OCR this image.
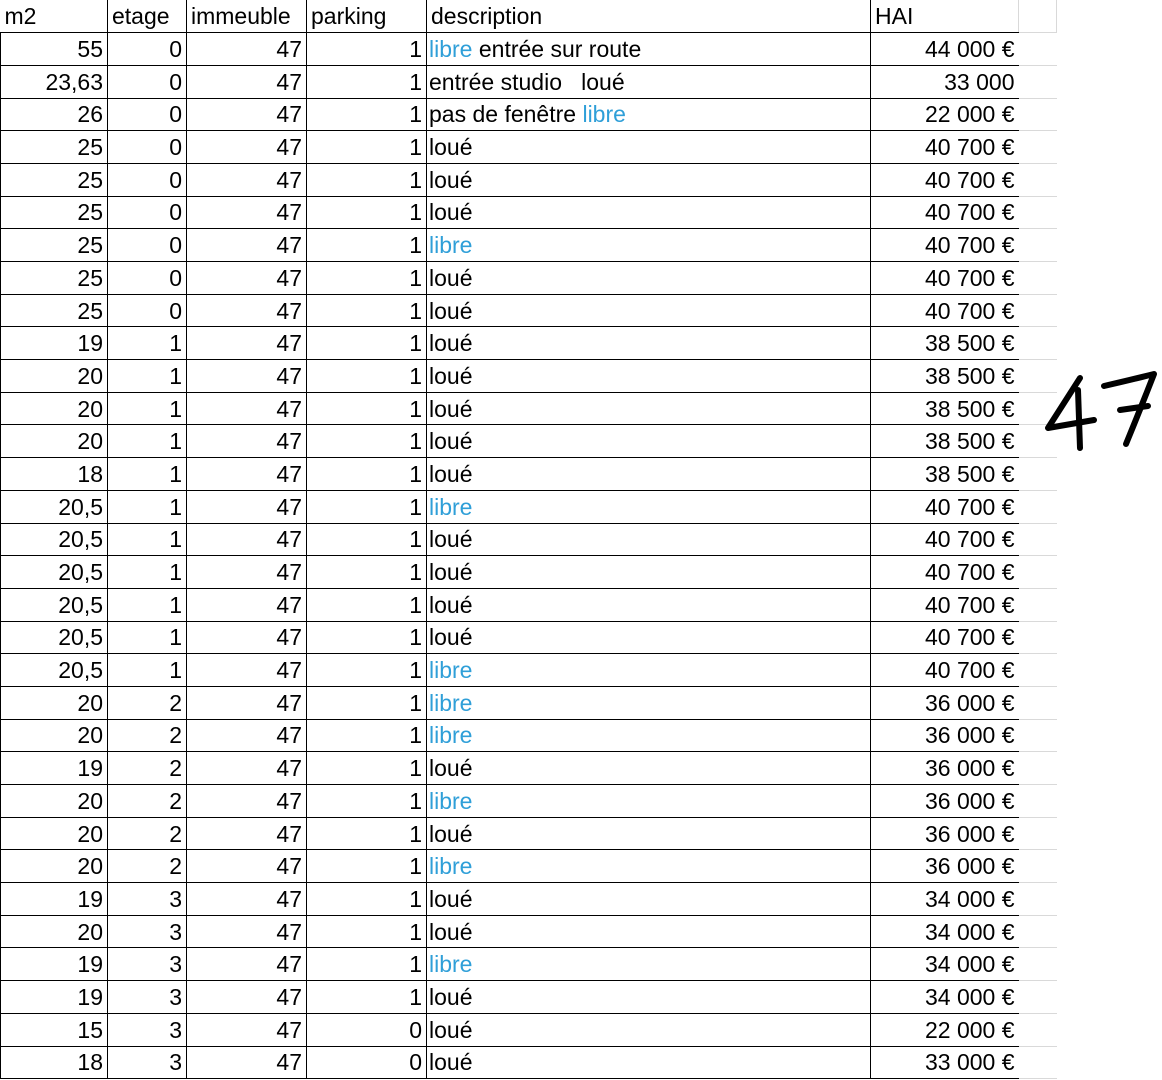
m2	etage	immeuble	parking	description	HAI	
55	0	47	1	libre entrée sur route	44 000 €	
23,63	0	47	1	entrée studio   loué	33 000	
26	0	47	1	pas de fenêtre libre	22 000 €	
25	0	47	1	loué	40 700 €	
25	0	47	1	loué	40 700 €	
25	0	47	1	loué	40 700 €	
25	0	47	1	libre	40 700 €	
25	0	47	1	loué	40 700 €	
25	0	47	1	loué	40 700 €	
19	1	47	1	loué	38 500 €	
20	1	47	1	loué	38 500 €	
20	1	47	1	loué	38 500 €	
20	1	47	1	loué	38 500 €	
18	1	47	1	loué	38 500 €	
20,5	1	47	1	libre	40 700 €	
20,5	1	47	1	loué	40 700 €	
20,5	1	47	1	loué	40 700 €	
20,5	1	47	1	loué	40 700 €	
20,5	1	47	1	loué	40 700 €	
20,5	1	47	1	libre	40 700 €	
20	2	47	1	libre	36 000 €	
20	2	47	1	libre	36 000 €	
19	2	47	1	loué	36 000 €	
20	2	47	1	libre	36 000 €	
20	2	47	1	loué	36 000 €	
20	2	47	1	libre	36 000 €	
19	3	47	1	loué	34 000 €	
20	3	47	1	loué	34 000 €	
19	3	47	1	libre	34 000 €	
19	3	47	1	loué	34 000 €	
15	3	47	0	loué	22 000 €	
18	3	47	0	loué	33 000 €	
